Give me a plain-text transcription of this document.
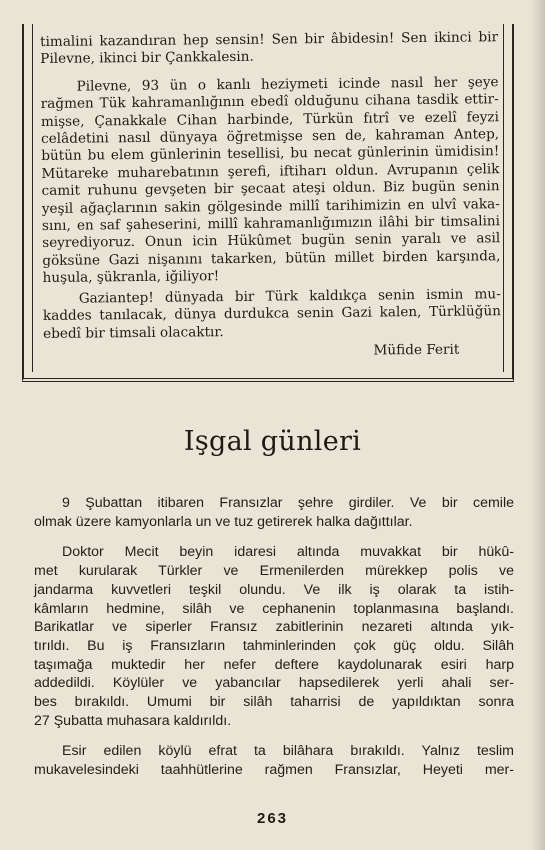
timalini kazandıran hep sensin! Sen bir âbidesin! Sen ikinci bir Pilevne, ikinci bir Çankkalesin.

Pilevne, 93 ün o kanlı heziymeti icinde nasıl her şeye rağmen Tük kahramanlığının ebedî olduğunu cihana tasdik ettir- mişse, Çanakkale Cihan harbinde, Türkün fıtrî ve ezelî feyzi celâdetini nasıl dünyaya öğretmişse sen de, kahraman Antep, bütün bu elem günlerinin tesellisi, bu necat günlerinin ümidisin! Mütareke muharebatının şerefi, iftiharı oldun. Avrupanın çelik camit ruhunu gevşeten bir şecaat ateşi oldun. Biz bugün senin yeşil ağaçlarının sakin gölgesinde millî tarihimizin en ulvî vaka- sını, en saf şaheserini, millî kahramanlığımızın ilâhi bir timsalini seyrediyoruz. Onun icin Hükûmet bugün senin yaralı ve asil göksüne Gazi nişanını takarken, bütün millet birden karşında, huşula, şükranla, iğiliyor!

Gaziantep! dünyada bir Türk kaldıkça senin ismin mu- kaddes tanılacak, dünya durdukca senin Gazi kalen, Türklüğün ebedî bir timsali olacaktır.

Müfide Ferit
Işgal günleri

9 Şubattan itibaren Fransızlar şehre girdiler. Ve bir cemile
olmak üzere kamyonlarla un ve tuz getirerek halka dağıttılar.

Doktor Mecit beyin idaresi altında muvakkat bir hükû-
met kurularak Türkler ve Ermenilerden mürekkep polis ve
jandarma kuvvetleri teşkil olundu. Ve ilk iş olarak ta istih-
kâmların hedmine, silâh ve cephanenin toplanmasına başlandı.
Barikatlar ve siperler Fransız zabitlerinin nezareti altında yık-
tırıldı. Bu iş Fransızların tahminlerinden çok güç oldu. Silâh
taşımağa muktedir her nefer deftere kaydolunarak esiri harp
addedildi. Köylüler ve yabancılar hapsedilerek yerli ahali ser-
bes bırakıldı. Umumi bir silâh taharrisi de yapıldıktan sonra
27 Şubatta muhasara kaldırıldı.

Esir edilen köylü efrat ta bilâhara bırakıldı. Yalnız teslim
mukavelesindeki taahhütlerine rağmen Fransızlar, Heyeti mer-

263
